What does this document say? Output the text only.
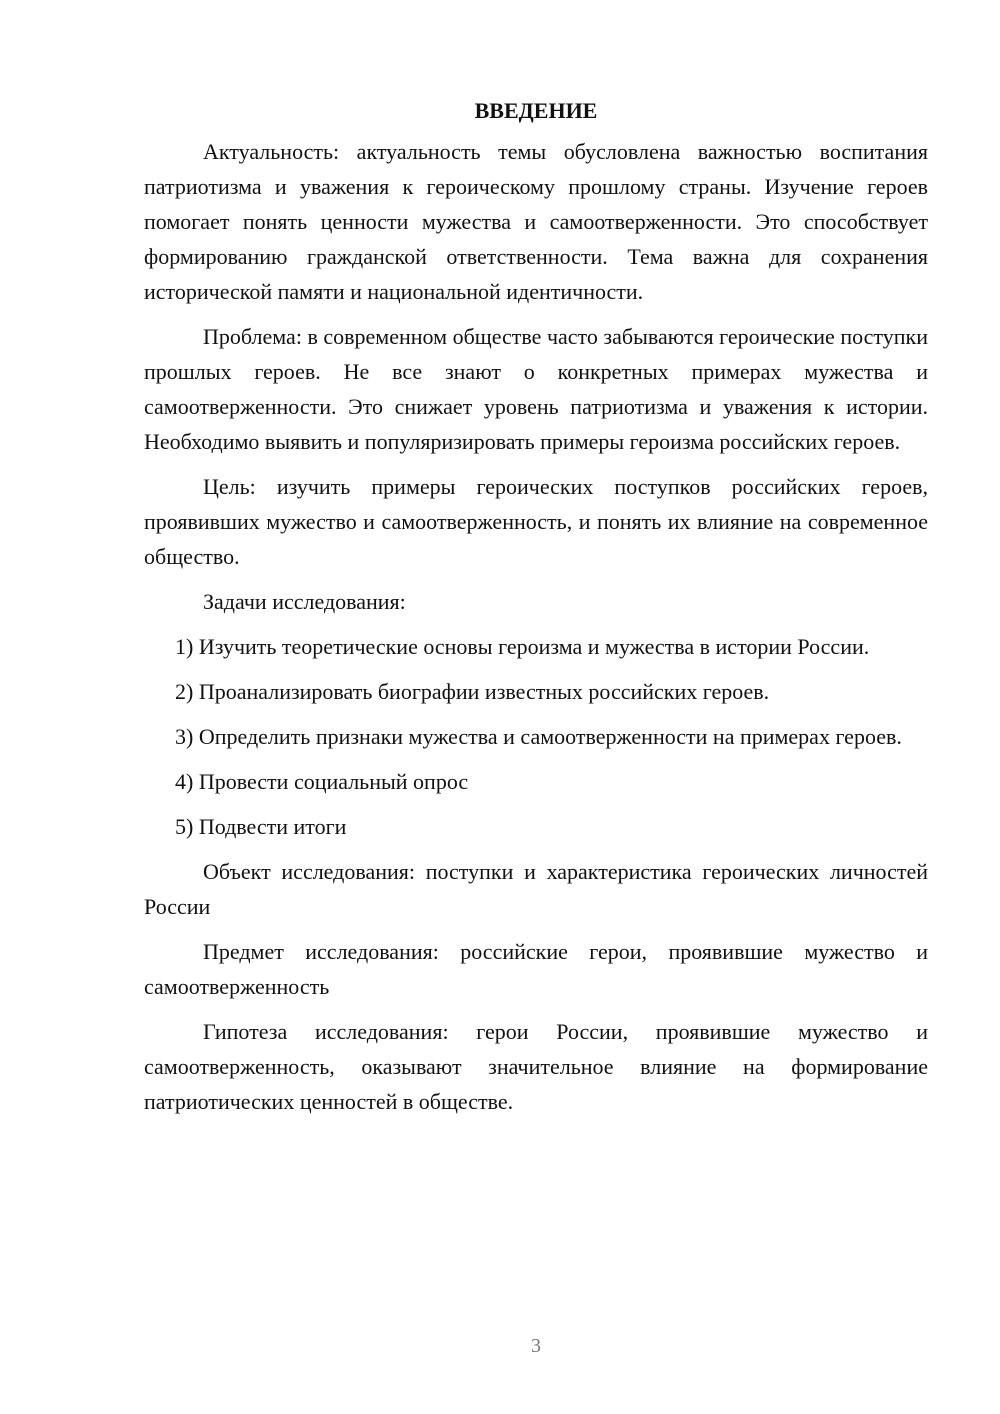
ВВЕДЕНИЕ

Актуальность: актуальность темы обусловлена важностью воспитания патриотизма и уважения к героическому прошлому страны. Изучение героев помогает понять ценности мужества и самоотверженности. Это способствует формированию гражданской ответственности. Тема важна для сохранения исторической памяти и национальной идентичности.

Проблема: в современном обществе часто забываются героические поступки прошлых героев. Не все знают о конкретных примерах мужества и самоотверженности. Это снижает уровень патриотизма и уважения к истории. Необходимо выявить и популяризировать примеры героизма российских героев.

Цель: изучить примеры героических поступков российских героев, проявивших мужество и самоотверженность, и понять их влияние на современное общество.

Задачи исследования:

1) Изучить теоретические основы героизма и мужества в истории России.

2) Проанализировать биографии известных российских героев.

3) Определить признаки мужества и самоотверженности на примерах героев.

4) Провести социальный опрос

5) Подвести итоги

Объект исследования: поступки и характеристика героических личностей России

Предмет исследования: российские герои, проявившие мужество и самоотверженность

Гипотеза исследования: герои России, проявившие мужество и самоотверженность, оказывают значительное влияние на формирование патриотических ценностей в обществе.

3
